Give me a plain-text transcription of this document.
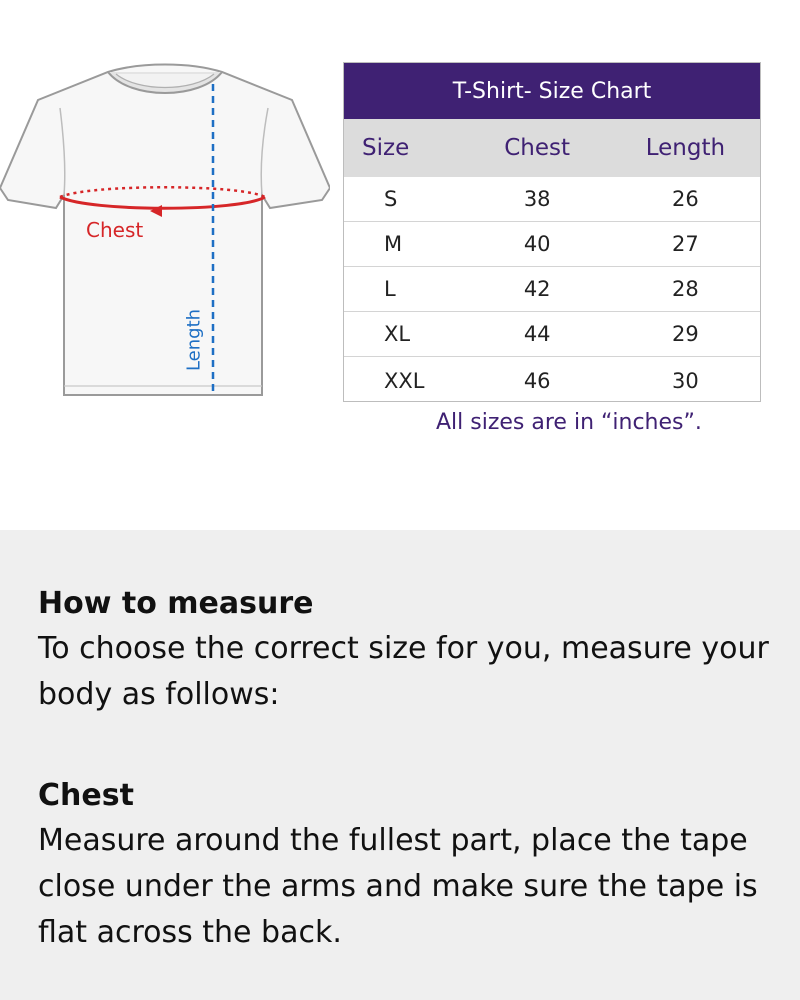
Chest
Length
T-Shirt- Size Chart
Size	Chest	Length
S	38	26
M	40	27
L	42	28
XL	44	29
XXL	46	30
All sizes are in “inches”.
How to measure

To choose the correct size for you, measure your body as follows:

Chest

Measure around the fullest part, place the tape close under the arms and make sure the tape is flat across the back.
